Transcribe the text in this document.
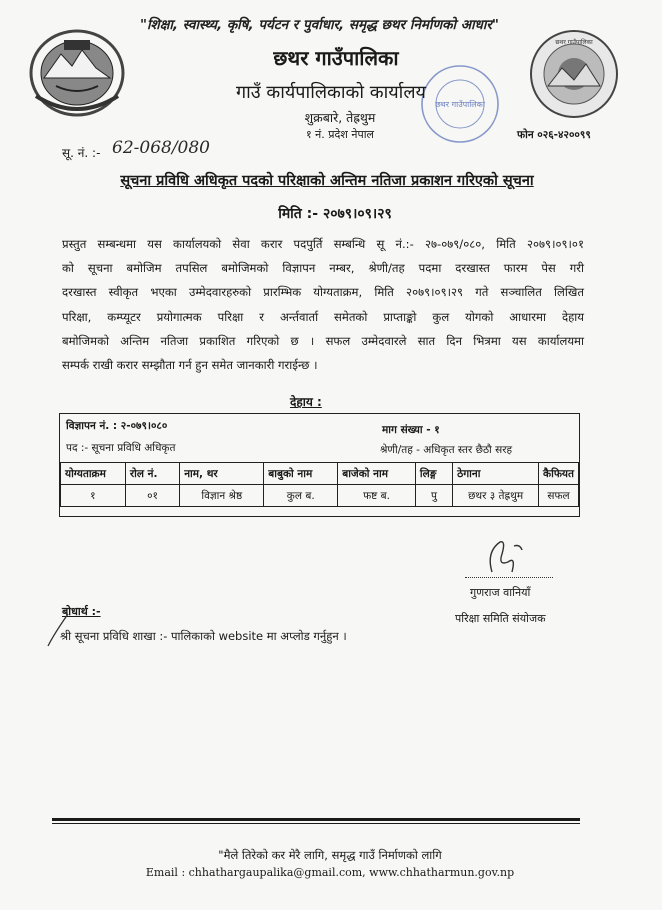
"शिक्षा, स्वास्थ्य, कृषि, पर्यटन र पुर्वाधार, समृद्ध छथर निर्माणको आधार"
छथर गाउँपालिका
छथर गाउँपालिका
छथर गाउँपालिका
गाउँ कार्यपालिकाको कार्यालय
शुक्रबारे, तेह्रथुम
१ नं. प्रदेश नेपाल	फोन ०२६-४२००९९
सू. नं. :- 62-068/080
सूचना प्रविधि अधिकृत पदको परिक्षाको अन्तिम नतिजा प्रकाशन गरिएको सूचना
मिति :- २०७९।०९।२९
प्रस्तुत सम्बन्धमा यस कार्यालयको सेवा करार पदपुर्ति सम्बन्धि सू नं.:- २७-०७९/०८०, मिति २०७९।०९।०१
को सूचना बमोजिम तपसिल बमोजिमको विज्ञापन नम्बर, श्रेणी/तह पदमा दरखास्त फारम पेस गरी
दरखास्त स्वीकृत भएका उम्मेदवारहरुको प्रारम्भिक योग्यताक्रम, मिति २०७९।०९।२९ गते सञ्चालित लिखित
परिक्षा, कम्प्यूटर प्रयोगात्मक परिक्षा र अर्न्तवार्ता समेतको प्राप्ताङ्को कुल योगको आधारमा देहाय
बमोजिमको अन्तिम नतिजा प्रकाशित गरिएको छ । सफल उम्मेदवारले सात दिन भित्रमा यस कार्यालयमा
सम्पर्क राखी करार सम्झौता गर्न हुन समेत जानकारी गराईन्छ ।
देहाय :
विज्ञापन नं. : २-०७९।०८०	माग संख्या - १
पद :- सूचना प्रविधि अधिकृत	श्रेणी/तह - अधिकृत स्तर छैठौ सरह
योग्यताक्रम	रोल नं.	नाम, थर	बाबुको नाम	बाजेको नाम	लिङ्ग	ठेगाना	कैफियत
१	०१	विज्ञान श्रेष्ठ	कुल ब.	फष्ट ब.	पु	छथर ३ तेह्रथुम	सफल
गुणराज वानियाँ
परिक्षा समिति संयोजक
बोधार्थ :-
श्री सूचना प्रविधि शाखा :- पालिकाको website मा अप्लोड गर्नुहुन ।
"मैले तिरेको कर मेरै लागि, समृद्ध गाउँ निर्माणको लागि
Email : chhathargaupalika@gmail.com, www.chhatharmun.gov.np
